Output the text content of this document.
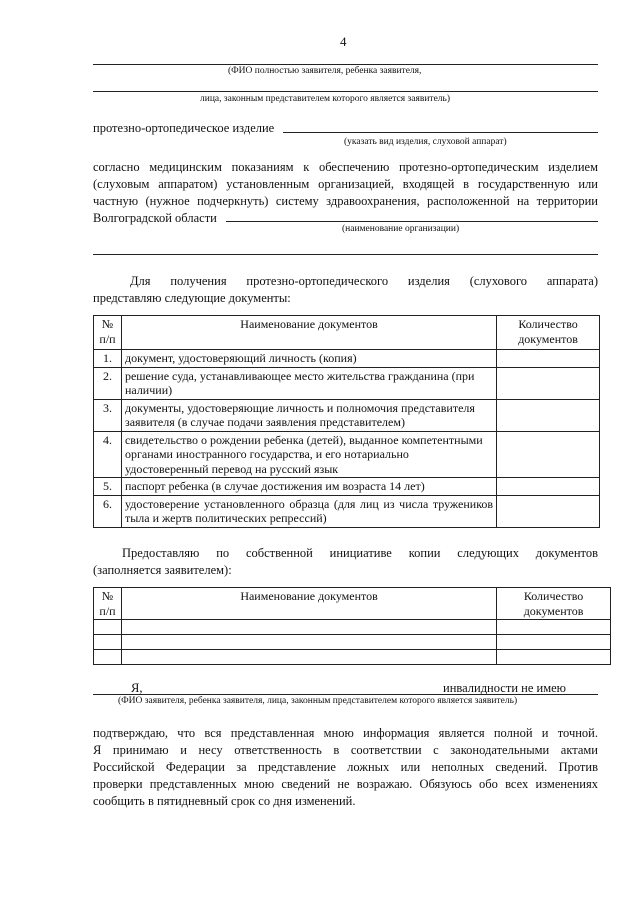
4
(ФИО полностью заявителя, ребенка заявителя,
лица, законным представителем которого является заявитель)
протезно-ортопедическое изделие
(указать вид изделия, слуховой аппарат)
согласно медицинским показаниям к обеспечению протезно-ортопедическим изделием
(слуховым аппаратом) установленным организацией, входящей в государственную или
частную (нужное подчеркнуть) систему здравоохранения, расположенной на территории
Волгоградской области
(наименование организации)
Для получения протезно-ортопедического изделия (слухового аппарата)
представляю следующие документы:
№ п/п	Наименование документов	Количество документов
1.	документ, удостоверяющий личность (копия)	
2.	решение суда, устанавливающее место жительства гражданина (при наличии)	
3.	документы, удостоверяющие личность и полномочия представителя заявителя (в случае подачи заявления представителем)	
4.	свидетельство о рождении ребенка (детей), выданное компетентными органами иностранного государства, и его нотариально удостоверенный перевод на русский язык	
5.	паспорт ребенка (в случае достижения им возраста 14 лет)	
6.	удостоверение установленного образца (для лиц из числа тружеников тыла и жертв политических репрессий)	
Предоставляю по собственной инициативе копии следующих документов
(заполняется заявителем):
№ п/п	Наименование документов	Количество документов

Я,	инвалидности не имею
(ФИО заявителя, ребенка заявителя, лица, законным представителем которого является заявитель)
подтверждаю, что вся представленная мною информация является полной и точной.
Я принимаю и несу ответственность в соответствии с законодательными актами
Российской Федерации за представление ложных или неполных сведений. Против
проверки представленных мною сведений не возражаю. Обязуюсь обо всех изменениях
сообщить в пятидневный срок со дня изменений.
